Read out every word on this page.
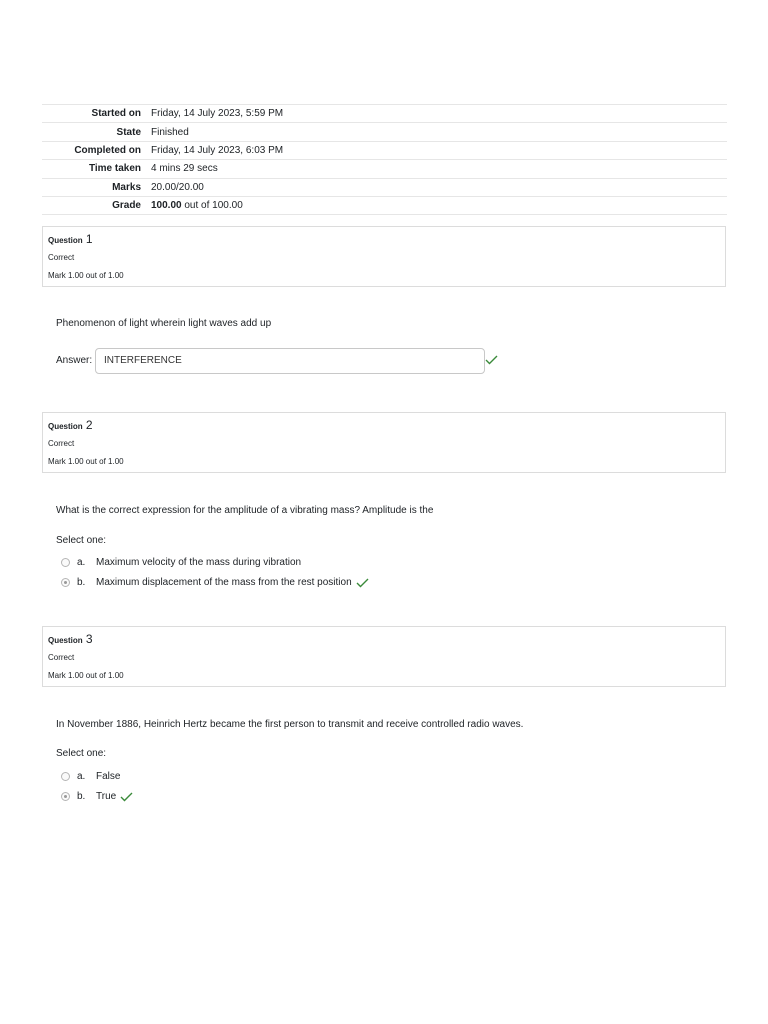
Started on	Friday, 14 July 2023, 5:59 PM
State	Finished
Completed on	Friday, 14 July 2023, 6:03 PM
Time taken	4 mins 29 secs
Marks	20.00/20.00
Grade	100.00 out of 100.00
Question 1
Correct
Mark 1.00 out of 1.00
Phenomenon of light wherein light waves add up
Answer:	INTERFERENCE
Question 2
Correct
Mark 1.00 out of 1.00
What is the correct expression for the amplitude of a vibrating mass? Amplitude is the
Select one:
a.	Maximum velocity of the mass during vibration
b.	Maximum displacement of the mass from the rest position
Question 3
Correct
Mark 1.00 out of 1.00
In November 1886, Heinrich Hertz became the first person to transmit and receive controlled radio waves.
Select one:
a.	False
b.	True
